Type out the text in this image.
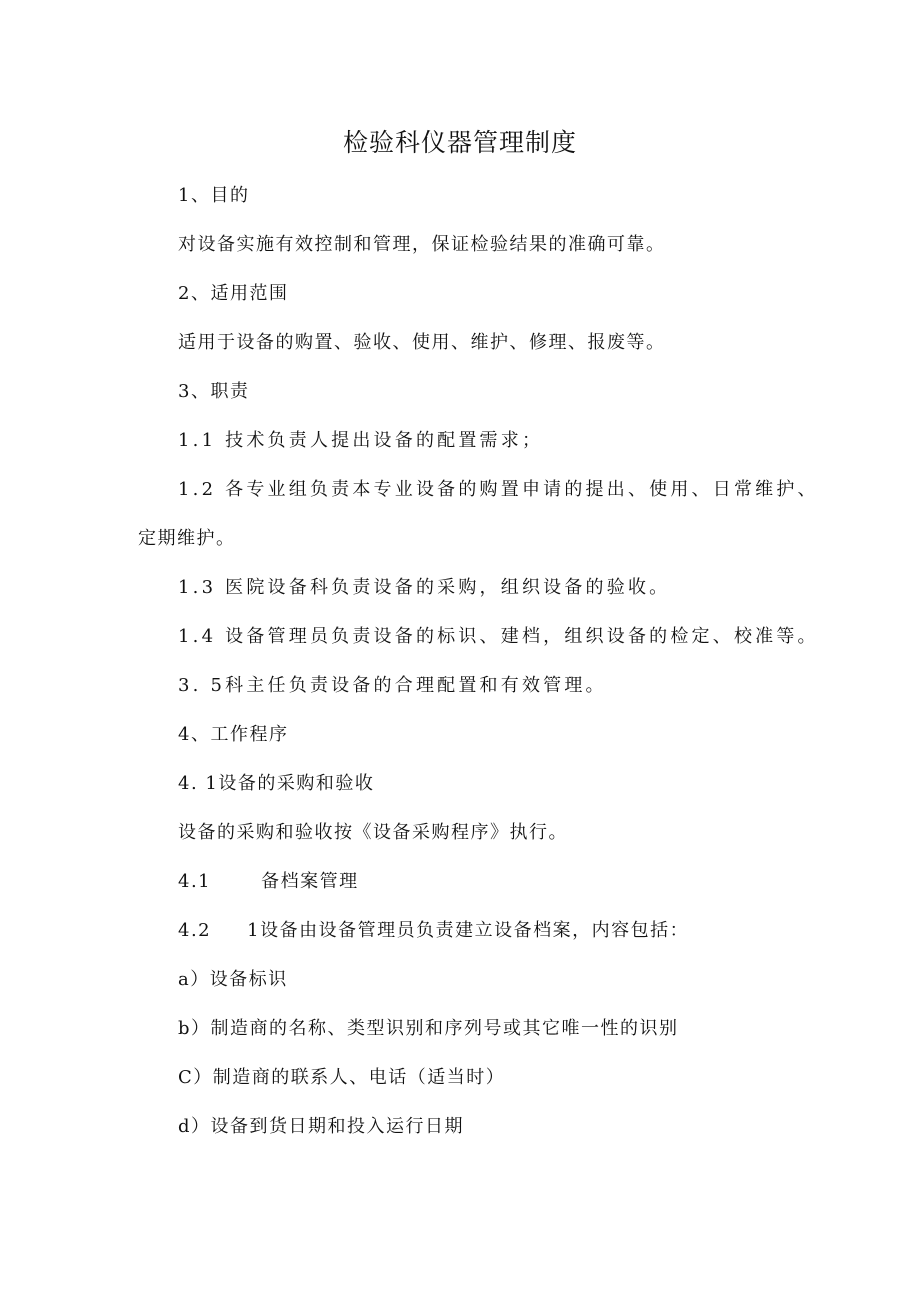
检验科仪器管理制度
1、目的
对设备实施有效控制和管理，保证检验结果的准确可靠。
2、适用范围
适用于设备的购置、验收、使用、维护、修理、报废等。
3、职责
1.1 技术负责人提出设备的配置需求；
1.2 各专业组负责本专业设备的购置申请的提出、使用、日常维护、
定期维护。
1.3 医院设备科负责设备的采购，组织设备的验收。
1.4 设备管理员负责设备的标识、建档，组织设备的检定、校准等。
3. 5科主任负责设备的合理配置和有效管理。
4、工作程序
4. 1设备的采购和验收
设备的采购和验收按《设备采购程序》执行。
4.1	备档案管理
4.2 1设备由设备管理员负责建立设备档案，内容包括：
a）设备标识
b）制造商的名称、类型识别和序列号或其它唯一性的识别
C）制造商的联系人、电话（适当时）
d）设备到货日期和投入运行日期
